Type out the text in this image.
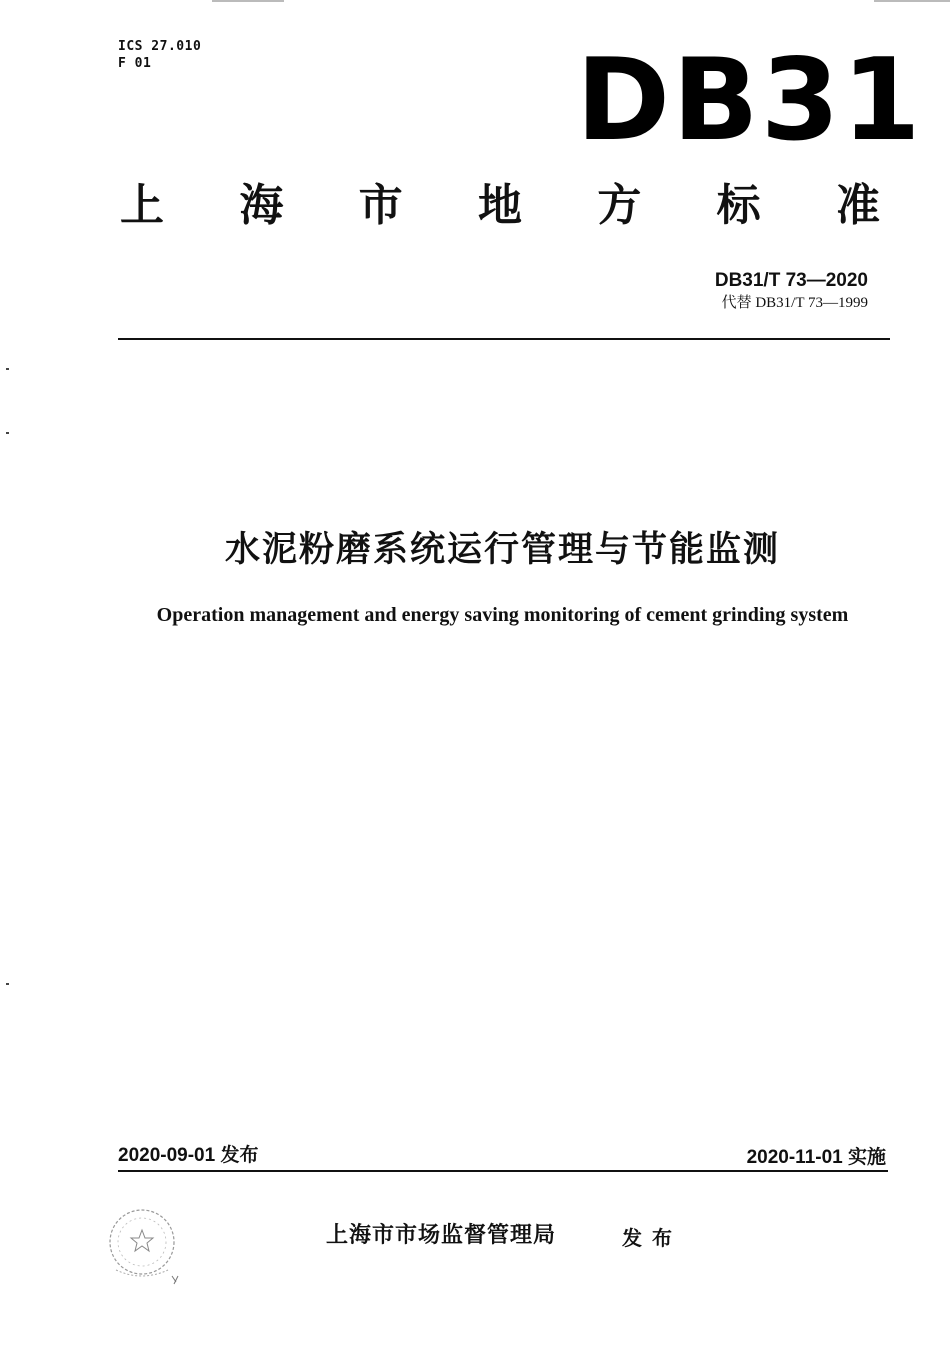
ICS 27.010
F 01	DB31
上 海 市 地 方 标 准
DB31/T 73—2020
代替 DB31/T 73—1999
水泥粉磨系统运行管理与节能监测
Operation management and energy saving monitoring of cement grinding system
2020-09-01 发布	2020-11-01 实施
上海市市场监督管理局	发布
